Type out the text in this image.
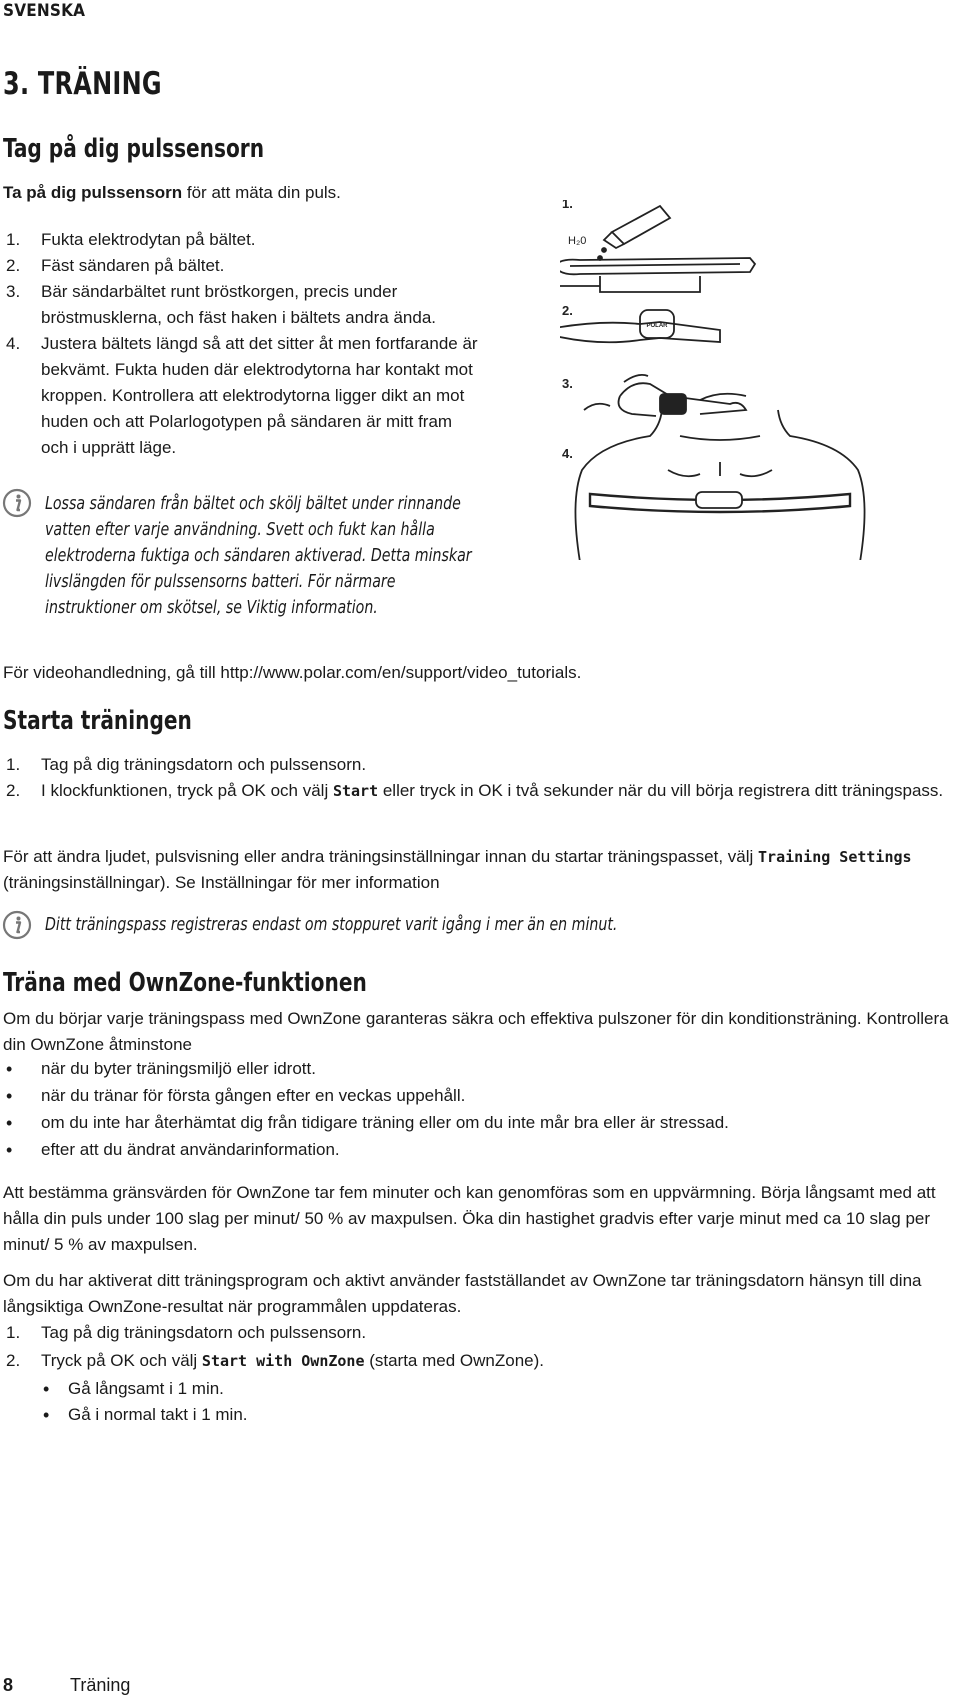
SVENSKA
3. TRÄNING
Tag på dig pulssensorn
Ta på dig pulssensorn för att mäta din puls.
1. Fukta elektrodytan på bältet.
2. Fäst sändaren på bältet.
3. Bär sändarbältet runt bröstkorgen, precis under bröstmusklerna, och fäst haken i bältets andra ända.
4. Justera bältets längd så att det sitter åt men fortfarande är bekvämt. Fukta huden där elektrodytorna har kontakt mot kroppen. Kontrollera att elektrodytorna ligger dikt an mot huden och att Polarlogotypen på sändaren är mitt fram och i upprätt läge.
Lossa sändaren från bältet och skölj bältet under rinnande vatten efter varje användning. Svett och fukt kan hålla elektroderna fuktiga och sändaren aktiverad. Detta minskar livslängden för pulssensorns batteri. För närmare instruktioner om skötsel, se Viktig information.
1.
2.
3.
4.
H₂0
POLAR
För videohandledning, gå till http://www.polar.com/en/support/video_tutorials.
Starta träningen
1. Tag på dig träningsdatorn och pulssensorn.
2. I klockfunktionen, tryck på OK och välj Start eller tryck in OK i två sekunder när du vill börja registrera ditt träningspass.
För att ändra ljudet, pulsvisning eller andra träningsinställningar innan du startar träningspasset, välj Training Settings (träningsinställningar). Se Inställningar för mer information
Ditt träningspass registreras endast om stoppuret varit igång i mer än en minut.
Träna med OwnZone-funktionen
Om du börjar varje träningspass med OwnZone garanteras säkra och effektiva pulszoner för din konditionsträning. Kontrollera din OwnZone åtminstone
• när du byter träningsmiljö eller idrott.
• när du tränar för första gången efter en veckas uppehåll.
• om du inte har återhämtat dig från tidigare träning eller om du inte mår bra eller är stressad.
• efter att du ändrat användarinformation.
Att bestämma gränsvärden för OwnZone tar fem minuter och kan genomföras som en uppvärmning. Börja långsamt med att hålla din puls under 100 slag per minut/ 50 % av maxpulsen. Öka din hastighet gradvis efter varje minut med ca 10 slag per minut/ 5 % av maxpulsen.
Om du har aktiverat ditt träningsprogram och aktivt använder fastställandet av OwnZone tar träningsdatorn hänsyn till dina långsiktiga OwnZone-resultat när programmålen uppdateras.
1. Tag på dig träningsdatorn och pulssensorn.
2. Tryck på OK och välj Start with OwnZone (starta med OwnZone).
• Gå långsamt i 1 min.
• Gå i normal takt i 1 min.
8	Träning
